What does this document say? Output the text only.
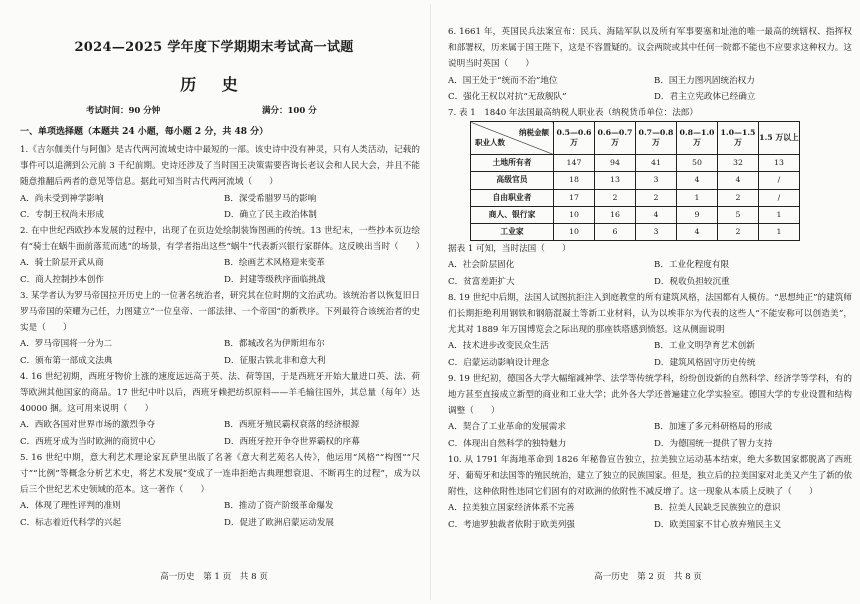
2024—2025 学年度下学期期末考试高一试题
历 史
考试时间：90 分钟	满分：100 分
一、单项选择题（本题共 24 小题，每小题 2 分，共 48 分）

1.《吉尔伽美什与阿伽》是古代两河流域史诗中最短的一部。该史诗中没有神灵，只有人类活动，记载的事件可以追溯到公元前 3 千纪前期。史诗还涉及了当时国王决策需要咨询长老议会和人民大会，并且不能随意推翻后两者的意见等信息。据此可知当时古代两河流域（　　）

A．尚未受到神学影响	B．深受希腊罗马的影响
C．专制王权尚未形成	D．确立了民主政治体制

2. 在中世纪西欧抄本发展的过程中，出现了在页边处绘制装饰图画的传统。13 世纪末，一些抄本页边绘有“骑士在蜗牛面前落荒而逃”的场景，有学者指出这些“蜗牛”代表新兴银行家群体。这反映出当时（　　）

A．骑士阶层开武从商	B．绘画艺术风格迎来变革
C．商人控制抄本创作	D．封建等级秩序面临挑战

3. 某学者认为罗马帝国拉开历史上的一位著名统治者，研究其在位时期的文治武功。该统治者以恢复旧日罗马帝国的荣耀为己任，力图建立“一位皇帝、一部法律、一个帝国”的新秩序。下列最符合该统治者的史实是（　　）

A．罗马帝国将一分为二	B．都城改名为伊斯坦布尔
C．颁布第一部成文法典	D．征服古铁北非和意大利

4. 16 世纪初期，西班牙物价上涨的速度远远高于英、法、荷等国，于是西班牙开始大量进口英、法、荷等欧洲其他国家的商品。17 世纪中叶以后，西班牙赖把纺织原料——羊毛输往国外，其总量（每年）达 40000 捆。这可用来说明（　　）

A．西欧各国对世界市场的激烈争夺	B．西班牙殖民霸权衰落的经济根源
C．西班牙成为当时欧洲的商贸中心	D．西班牙控开争夺世界霸权的序幕

5. 16 世纪中期，意大利艺术理论家瓦萨里出版了名著《意大利艺苑名人传》，他运用“风格”“构图”“尺寸”“比例”等概念分析艺术史，将艺术发展“变成了一连串拒绝古典理想衰退、不断再生的过程”，成为以后三个世纪艺术史领域的范本。这一著作（　　）

A．体现了理性评判的准则	B．推动了资产阶级革命爆发
C．标志着近代科学的兴起	D．促进了欧洲启蒙运动发展
高一历史　第 1 页　共 8 页

6. 1661 年，英国民兵法案宣布：民兵、海陆军队以及所有军事要塞和址池的唯一最高的统辖权、指挥权和部署权，历来属于国王陛下，这是不容置疑的。议会两院或其中任何一院都不能也不应要求这种权力。这说明当时英国（　　）

A．国王处于“统而不治”地位	B．国王力图巩固统治权力
C．强化王权以对抗“无敌舰队”	D．君主立宪政体已经确立

7. 表 1　1840 年法国最高纳税人职业表（纳税货币单位：法郎）

纳税金额
职业人数	0.5—0.6 万	0.6—0.7 万	0.7—0.8 万	0.8—1.0 万	1.0—1.5 万	1.5 万以上
土地所有者	147	94	41	50	32	13
高级官员	18	13	3	4	4	/
自由职业者	17	2	2	1	2	/
商人、银行家	10	16	4	9	5	1
工业家	10	6	3	4	2	1

据表 1 可知，当时法国（　　）

A．社会阶层固化	B．工业化程度有限
C．贫富差距扩大	D．税收负担较沉重

8. 19 世纪中后期，法国人试图抗拒注入到庭教堂的所有建筑风格，法国都有人模仿。“思想纯正”的建筑师们长期拒绝利用钢铁和钢筋混凝土等新工业材料，认为以埃菲尔为代表的这些人“不能安称可以创造美”，尤其对 1889 年万国博览会之际出现的那座铁塔感到愤怒。这从侧面说明

A．技术进步改变民众生活	B．工业文明孕育艺术创新
C．启蒙运动影响设计理念	D．建筑风格固守历史传统

9. 19 世纪初，德国各大学大幅缩减神学、法学等传统学科，纷纷创设新的自然科学、经济学等学科，有的地方甚至直接成立新型的商业和工业大学；此外各大学还普遍建立化学实验室。德国大学的专业设置和结构调整（　　）

A．契合了工业革命的发展需求	B．加速了多元科研格局的形成
C．体现出自然科学的独特魅力	D．为德国统一提供了智力支持

10. 从 1791 年海地革命到 1826 年秘鲁宣告独立，拉美独立运动基本结束，绝大多数国家都脱离了西班牙、葡萄牙和法国等的殖民统治，建立了独立的民族国家。但是，独立后的拉美国家对北美又产生了新的依附性，这种依附性违同它们固有的对欧洲的依附性不减反增了。这一现象从本质上反映了（　　）

A．拉美独立国家经济体系不完善	B．拉美人民缺乏民族独立的意识
C．考迪罗独裁者依附于欧美列强	D．欧美国家不甘心放弃殖民主义
高一历史　第 2 页　共 8 页
